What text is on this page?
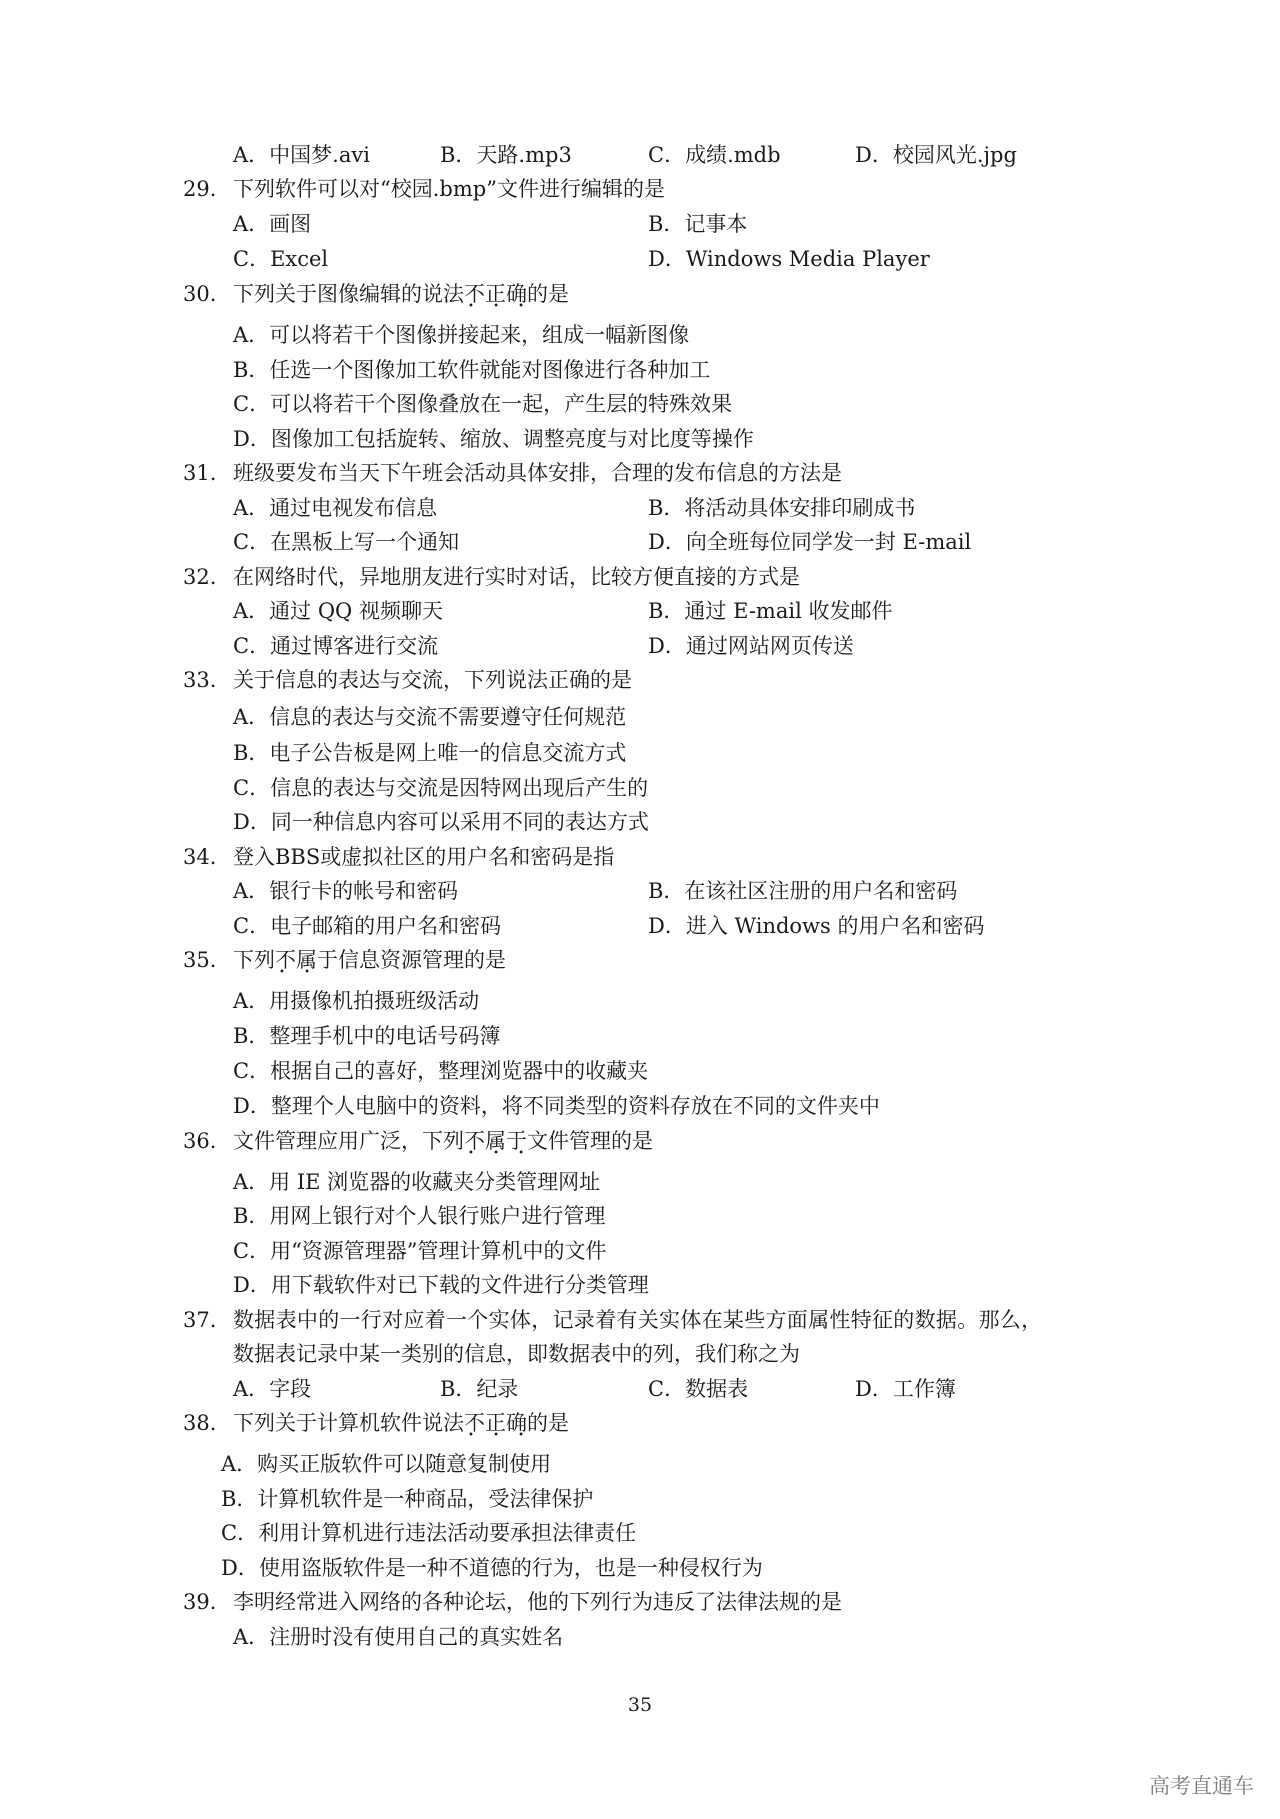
A．中国梦.avi	B．天路.mp3	C．成绩.mdb	D．校园风光.jpg
29. 下列软件可以对“校园.bmp”文件进行编辑的是
A．画图	B．记事本
C．Excel	D．Windows Media Player
30. 下列关于图像编辑的说法不正确 • • •的是
A．可以将若干个图像拼接起来，组成一幅新图像
B．任选一个图像加工软件就能对图像进行各种加工
C．可以将若干个图像叠放在一起，产生层的特殊效果
D．图像加工包括旋转、缩放、调整亮度与对比度等操作
31. 班级要发布当天下午班会活动具体安排，合理的发布信息的方法是
A．通过电视发布信息	B．将活动具体安排印刷成书
C．在黑板上写一个通知	D．向全班每位同学发一封 E-mail
32. 在网络时代，异地朋友进行实时对话，比较方便直接的方式是
A．通过 QQ 视频聊天	B．通过 E-mail 收发邮件
C．通过博客进行交流	D．通过网站网页传送
33. 关于信息的表达与交流，下列说法正确的是
A．信息的表达与交流不需要遵守任何规范
B．电子公告板是网上唯一的信息交流方式
C．信息的表达与交流是因特网出现后产生的
D．同一种信息内容可以采用不同的表达方式
34. 登入BBS或虚拟社区的用户名和密码是指
A．银行卡的帐号和密码	B．在该社区注册的用户名和密码
C．电子邮箱的用户名和密码	D．进入 Windows 的用户名和密码
35. 下列不属 • •于信息资源管理的是
A．用摄像机拍摄班级活动
B．整理手机中的电话号码簿
C．根据自己的喜好，整理浏览器中的收藏夹
D．整理个人电脑中的资料，将不同类型的资料存放在不同的文件夹中
36. 文件管理应用广泛，下列不属于 • • •文件管理的是
A．用 IE 浏览器的收藏夹分类管理网址
B．用网上银行对个人银行账户进行管理
C．用“资源管理器”管理计算机中的文件
D．用下载软件对已下载的文件进行分类管理
37. 数据表中的一行对应着一个实体，记录着有关实体在某些方面属性特征的数据。那么，
数据表记录中某一类别的信息，即数据表中的列，我们称之为
A．字段	B．纪录	C．数据表	D．工作簿
38. 下列关于计算机软件说法不正确 • • •的是
A．购买正版软件可以随意复制使用
B．计算机软件是一种商品，受法律保护
C．利用计算机进行违法活动要承担法律责任
D．使用盗版软件是一种不道德的行为，也是一种侵权行为
39. 李明经常进入网络的各种论坛，他的下列行为违反了法律法规的是
A．注册时没有使用自己的真实姓名
35
高考直通车
